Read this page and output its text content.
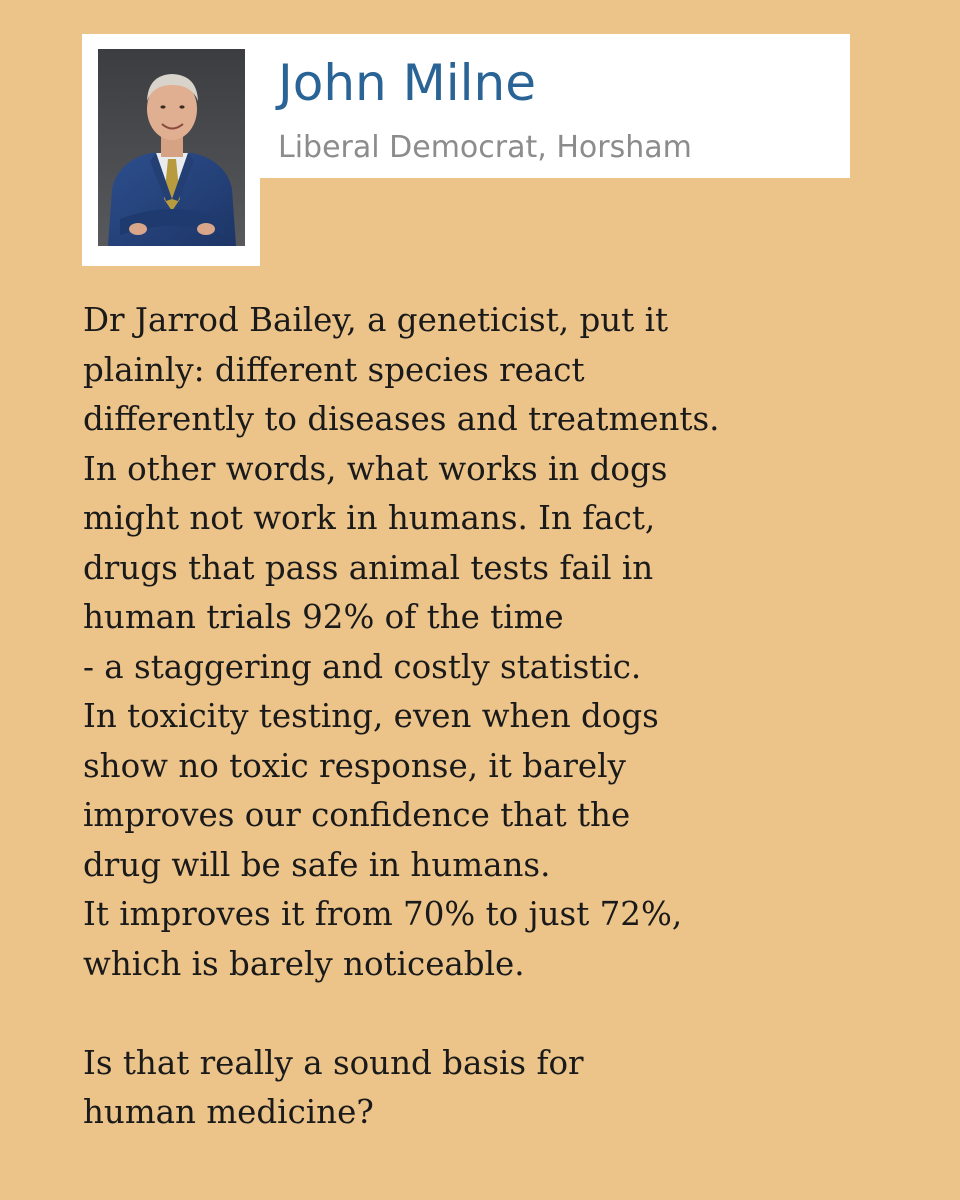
John Milne
Liberal Democrat, Horsham
Dr Jarrod Bailey, a geneticist, put it
plainly: different species react
differently to diseases and treatments.
In other words, what works in dogs
might not work in humans. In fact,
drugs that pass animal tests fail in
human trials 92% of the time
- a staggering and costly statistic.
In toxicity testing, even when dogs
show no toxic response, it barely
improves our confidence that the
drug will be safe in humans.
It improves it from 70% to just 72%,
which is barely noticeable.
Is that really a sound basis for
human medicine?
